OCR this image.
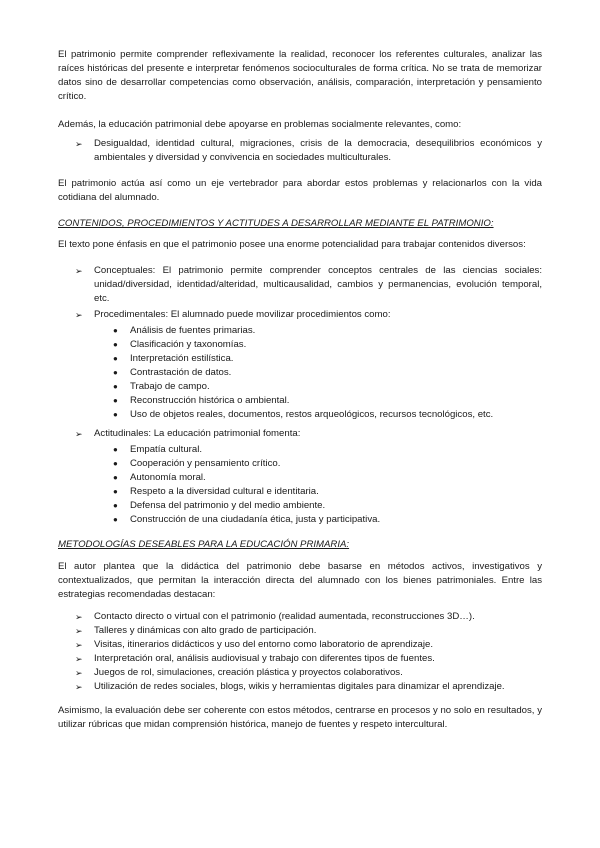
El patrimonio permite comprender reflexivamente la realidad, reconocer los referentes culturales, analizar las raíces históricas del presente e interpretar fenómenos socioculturales de forma crítica. No se trata de memorizar datos sino de desarrollar competencias como observación, análisis, comparación, interpretación y pensamiento crítico.

Además, la educación patrimonial debe apoyarse en problemas socialmente relevantes, como:

➢ Desigualdad, identidad cultural, migraciones, crisis de la democracia, desequilibrios económicos y ambientales y diversidad y convivencia en sociedades multiculturales.

El patrimonio actúa así como un eje vertebrador para abordar estos problemas y relacionarlos con la vida cotidiana del alumnado.

CONTENIDOS, PROCEDIMIENTOS Y ACTITUDES A DESARROLLAR MEDIANTE EL PATRIMONIO:

El texto pone énfasis en que el patrimonio posee una enorme potencialidad para trabajar contenidos diversos:

➢ Conceptuales: El patrimonio permite comprender conceptos centrales de las ciencias sociales: unidad/diversidad, identidad/alteridad, multicausalidad, cambios y permanencias, evolución temporal, etc.
➢ Procedimentales: El alumnado puede movilizar procedimientos como:
● Análisis de fuentes primarias.
● Clasificación y taxonomías.
● Interpretación estilística.
● Contrastación de datos.
● Trabajo de campo.
● Reconstrucción histórica o ambiental.
● Uso de objetos reales, documentos, restos arqueológicos, recursos tecnológicos, etc.
➢ Actitudinales: La educación patrimonial fomenta:
● Empatía cultural.
● Cooperación y pensamiento crítico.
● Autonomía moral.
● Respeto a la diversidad cultural e identitaria.
● Defensa del patrimonio y del medio ambiente.
● Construcción de una ciudadanía ética, justa y participativa.
METODOLOGÍAS DESEABLES PARA LA EDUCACIÓN PRIMARIA:

El autor plantea que la didáctica del patrimonio debe basarse en métodos activos, investigativos y contextualizados, que permitan la interacción directa del alumnado con los bienes patrimoniales. Entre las estrategias recomendadas destacan:

➢ Contacto directo o virtual con el patrimonio (realidad aumentada, reconstrucciones 3D…).
➢ Talleres y dinámicas con alto grado de participación.
➢ Visitas, itinerarios didácticos y uso del entorno como laboratorio de aprendizaje.
➢ Interpretación oral, análisis audiovisual y trabajo con diferentes tipos de fuentes.
➢ Juegos de rol, simulaciones, creación plástica y proyectos colaborativos.
➢ Utilización de redes sociales, blogs, wikis y herramientas digitales para dinamizar el aprendizaje.

Asimismo, la evaluación debe ser coherente con estos métodos, centrarse en procesos y no solo en resultados, y utilizar rúbricas que midan comprensión histórica, manejo de fuentes y respeto intercultural.
